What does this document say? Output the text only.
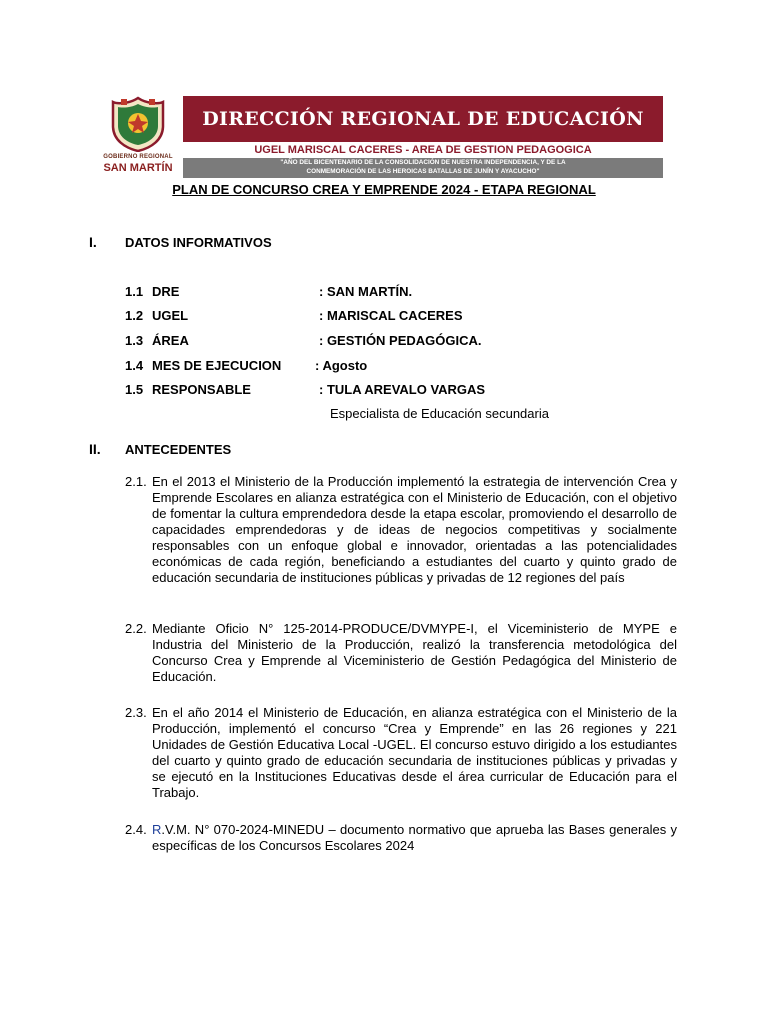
GOBIERNO REGIONAL
SAN MARTÍN
DIRECCIÓN REGIONAL DE EDUCACIÓN
UGEL MARISCAL CACERES - AREA DE GESTION PEDAGOGICA
"AÑO DEL BICENTENARIO DE LA CONSOLIDACIÓN DE NUESTRA INDEPENDENCIA, Y DE LA
CONMEMORACIÓN DE LAS HEROICAS BATALLAS DE JUNÍN Y AYACUCHO"
PLAN DE CONCURSO CREA Y EMPRENDE 2024 - ETAPA REGIONAL
I. DATOS INFORMATIVOS
1.1 DRE	: SAN MARTÍN.
1.2 UGEL	: MARISCAL CACERES
1.3 ÁREA	: GESTIÓN PEDAGÓGICA.
1.4 MES DE EJECUCION	: Agosto
1.5 RESPONSABLE	: TULA AREVALO VARGAS
Especialista de Educación secundaria
II. ANTECEDENTES
2.1. En el 2013 el Ministerio de la Producción implementó la estrategia de intervención Crea y Emprende Escolares en alianza estratégica con el Ministerio de Educación, con el objetivo de fomentar la cultura emprendedora desde la etapa escolar, promoviendo el desarrollo de capacidades emprendedoras y de ideas de negocios competitivas y socialmente responsables con un enfoque global e innovador, orientadas a las potencialidades económicas de cada región, beneficiando a estudiantes del cuarto y quinto grado de educación secundaria de instituciones públicas y privadas de 12 regiones del país
2.2. Mediante Oficio N° 125-2014-PRODUCE/DVMYPE-I, el Viceministerio de MYPE e Industria del Ministerio de la Producción, realizó la transferencia metodológica del Concurso Crea y Emprende al Viceministerio de Gestión Pedagógica del Ministerio de Educación.
2.3. En el año 2014 el Ministerio de Educación, en alianza estratégica con el Ministerio de la Producción, implementó el concurso “Crea y Emprende” en las 26 regiones y 221 Unidades de Gestión Educativa Local -UGEL. El concurso estuvo dirigido a los estudiantes del cuarto y quinto grado de educación secundaria de instituciones públicas y privadas y se ejecutó en la Instituciones Educativas desde el área curricular de Educación para el Trabajo.
2.4. R.V.M. N° 070-2024-MINEDU – documento normativo que aprueba las Bases generales y específicas de los Concursos Escolares 2024
